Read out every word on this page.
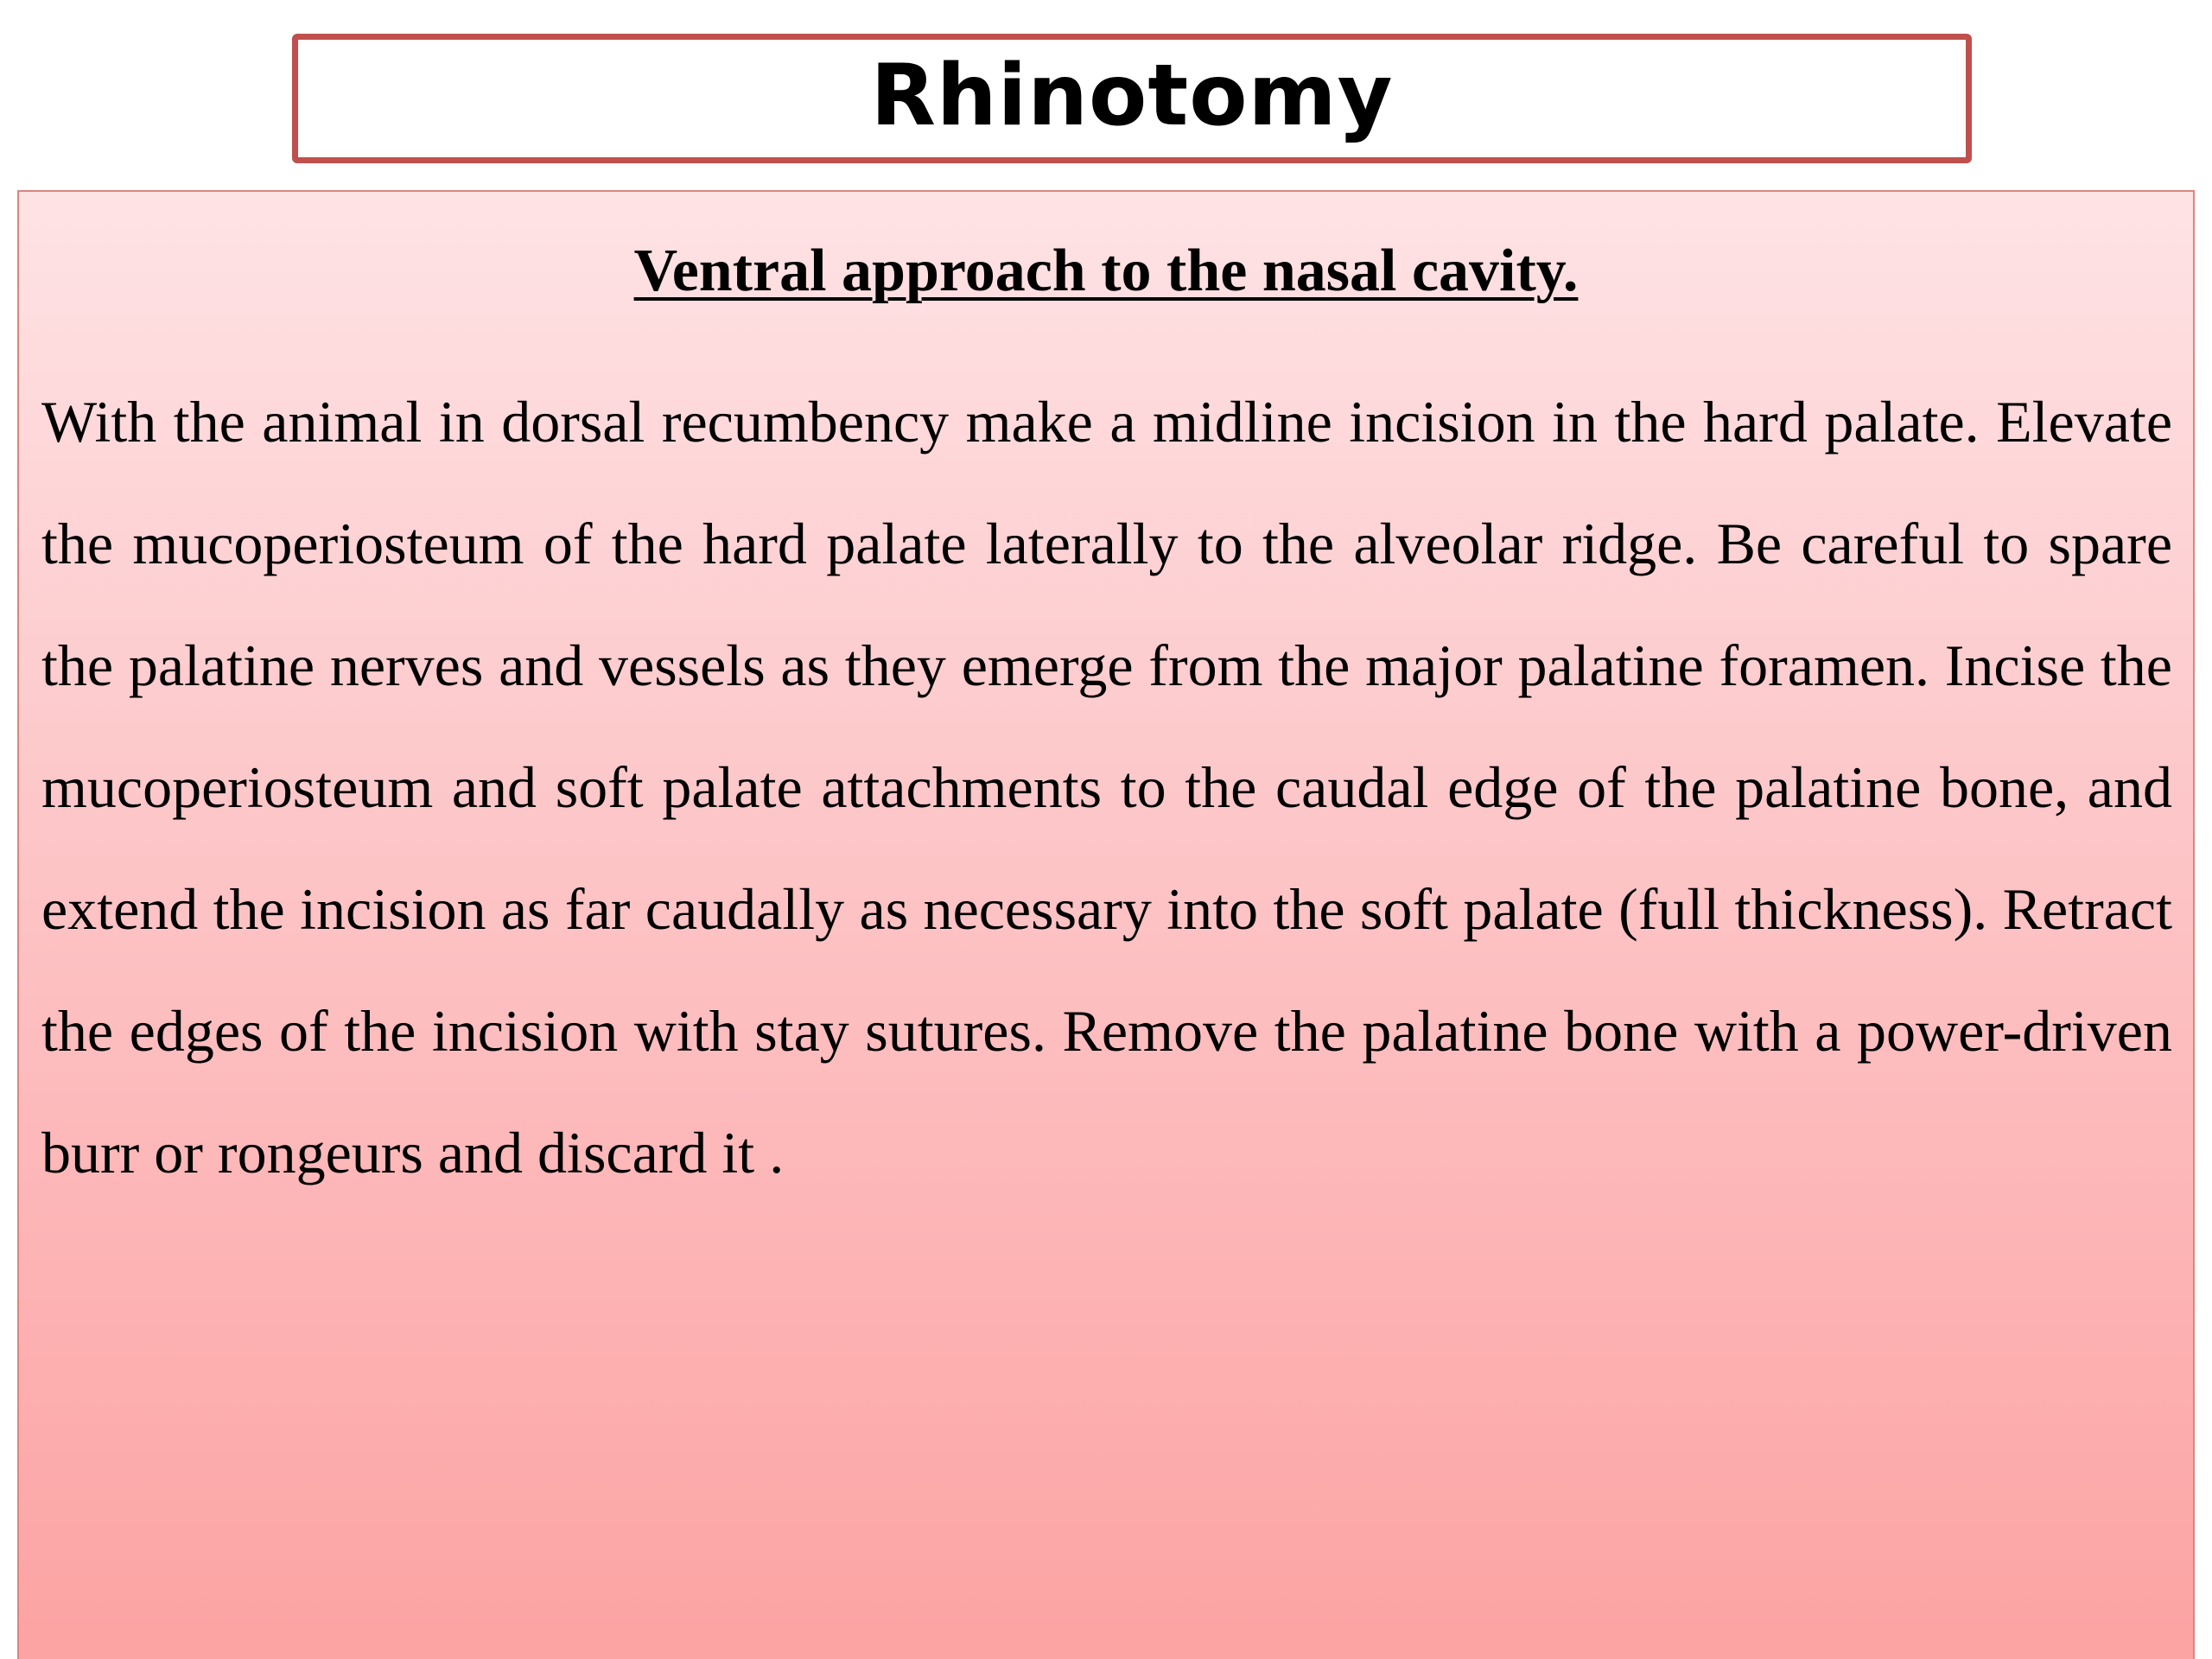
Rhinotomy
Ventral approach to the nasal cavity.

With the animal in dorsal recumbency make a midline incision in the hard palate. Elevate the mucoperiosteum of the hard palate laterally to the alveolar ridge. Be careful to spare the palatine nerves and vessels as they emerge from the major palatine foramen. Incise the mucoperiosteum and soft palate attachments to the caudal edge of the palatine bone, and extend the incision as far caudally as necessary into the soft palate (full thickness). Retract the edges of the incision with stay sutures. Remove the palatine bone with a power-driven burr or rongeurs and discard it .
